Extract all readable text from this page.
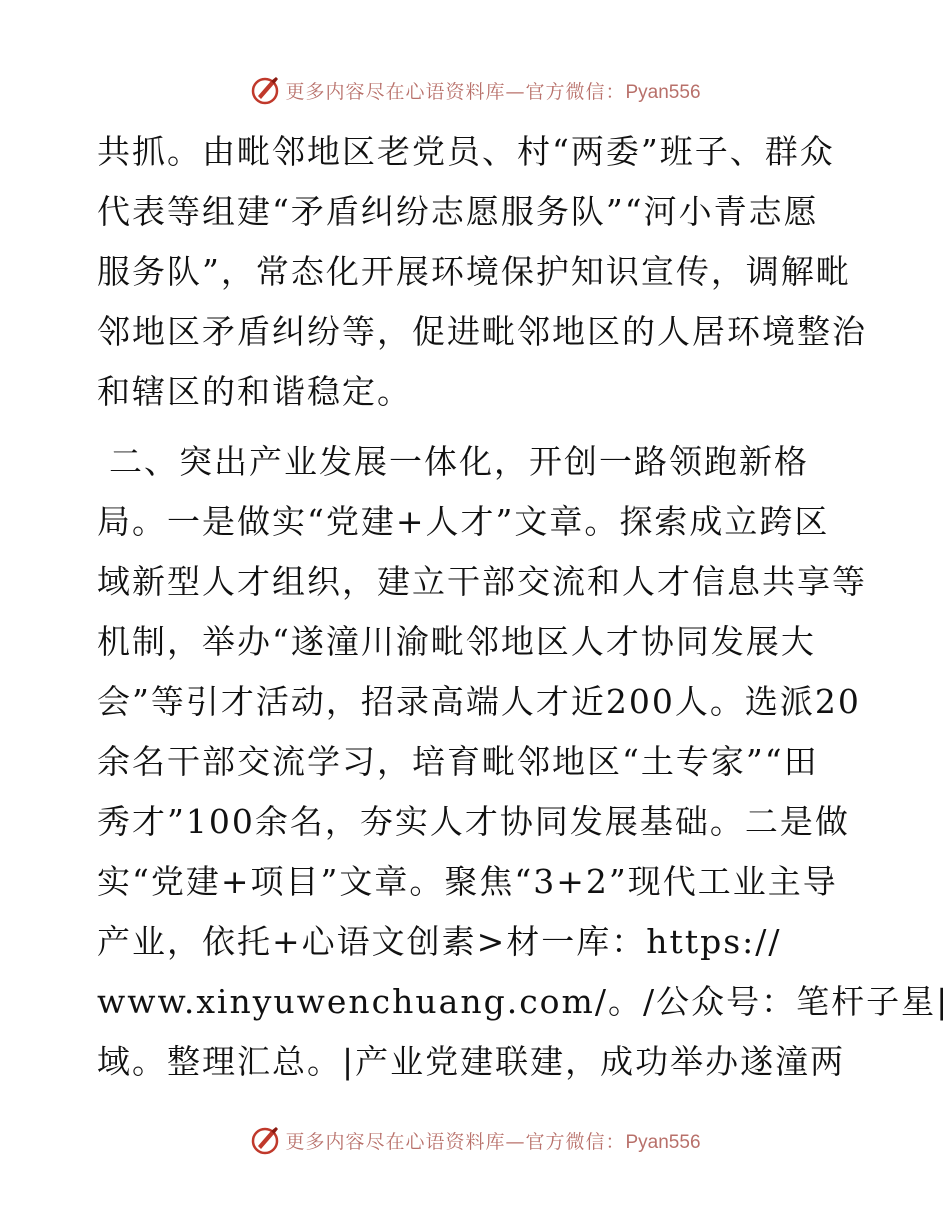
更多内容尽在心语资料库—官方微信：Pyan556
共抓。由毗邻地区老党员、村“两委”班子、群众
代表等组建“矛盾纠纷志愿服务队”“河小青志愿
服务队”，常态化开展环境保护知识宣传，调解毗
邻地区矛盾纠纷等，促进毗邻地区的人居环境整治
和辖区的和谐稳定。
二、突出产业发展一体化，开创一路领跑新格
局。一是做实“党建+人才”文章。探索成立跨区
域新型人才组织，建立干部交流和人才信息共享等
机制，举办“遂潼川渝毗邻地区人才协同发展大
会”等引才活动，招录高端人才近200人。选派20
余名干部交流学习，培育毗邻地区“土专家”“田
秀才”100余名，夯实人才协同发展基础。二是做
实“党建+项目”文章。聚焦“3+2”现代工业主导
产业，依托+心语文创素>材一库：https://
www.xinyuwenchuang.com/。/公众号：笔杆子星|
域。整理汇总。|产业党建联建，成功举办遂潼两
更多内容尽在心语资料库—官方微信：Pyan556
